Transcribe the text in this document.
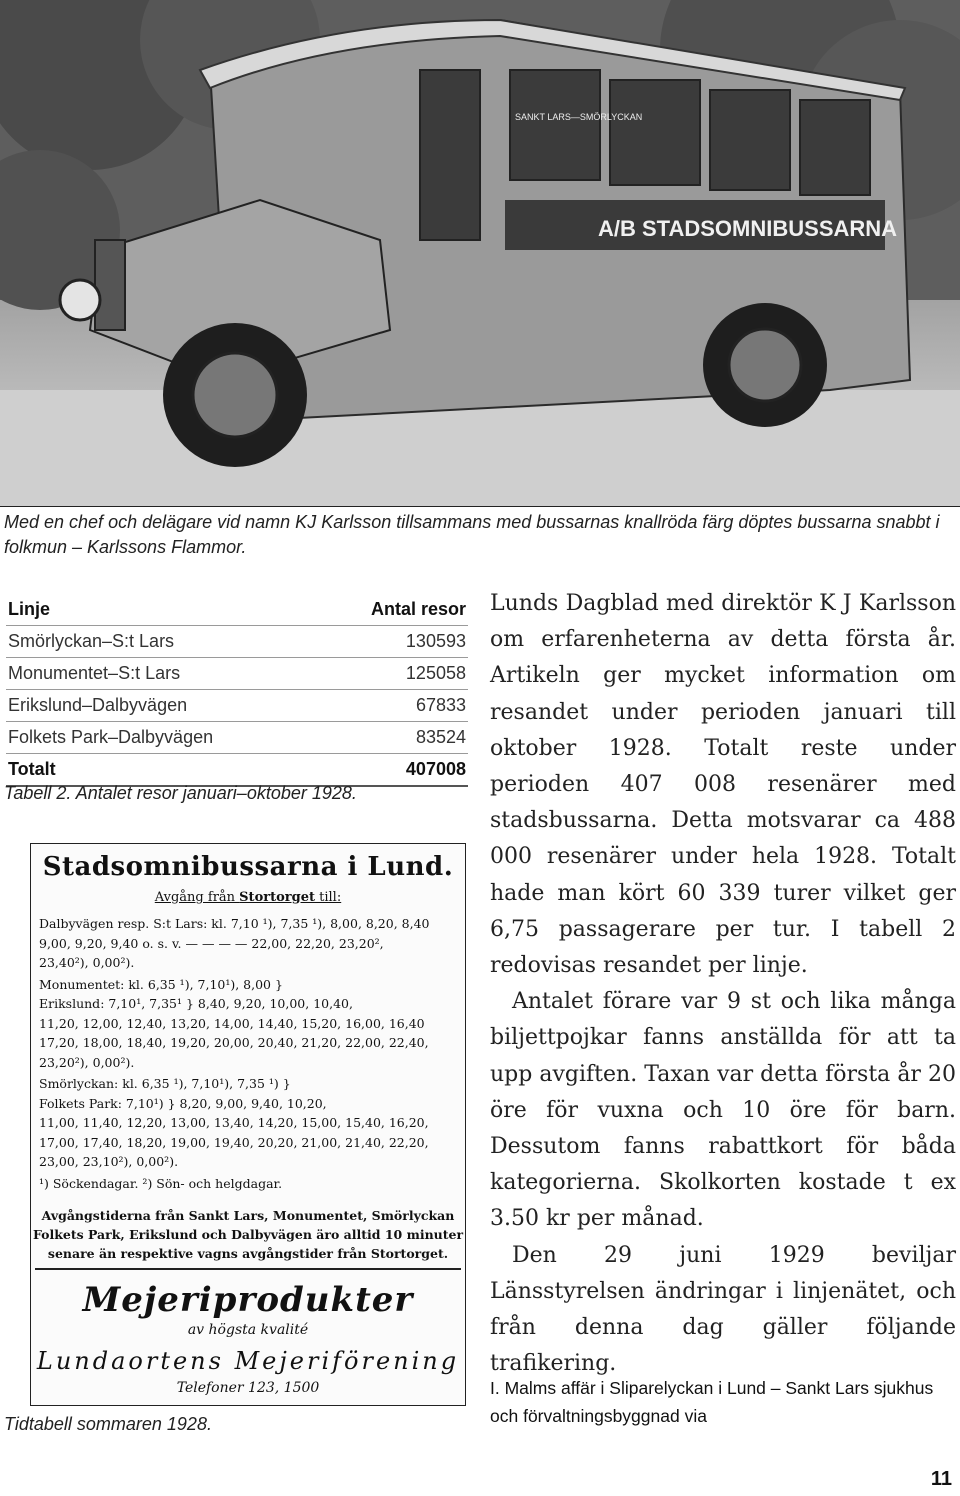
A/B STADSOMNIBUSSARNA
SANKT LARS—SMÖRLYCKAN
Med en chef och delägare vid namn KJ Karlsson tillsammans med bussarnas knallröda färg döptes bussarna snabbt i folkmun – Karlssons Flammor.
Linje	Antal resor
Smörlyckan–S:t Lars	130593
Monumentet–S:t Lars	125058
Erikslund–Dalbyvägen	67833
Folkets Park–Dalbyvägen	83524
Totalt	407008
Tabell 2. Antalet resor januari–oktober 1928.
Stadsomnibussarna i Lund.
Avgång från Stortorget till:
Dalbyvägen resp. S:t Lars: kl. 7,10 ¹), 7,35 ¹), 8,00, 8,20, 8,40
9,00, 9,20, 9,40 o. s. v. — — — — 22,00, 22,20, 23,20²,
23,40²), 0,00²).
Monumentet: kl. 6,35 ¹), 7,10¹), 8,00 }
Erikslund: 7,10¹, 7,35¹ } 8,40, 9,20, 10,00, 10,40,
11,20, 12,00, 12,40, 13,20, 14,00, 14,40, 15,20, 16,00, 16,40
17,20, 18,00, 18,40, 19,20, 20,00, 20,40, 21,20, 22,00, 22,40,
23,20²), 0,00²).
Smörlyckan: kl. 6,35 ¹), 7,10¹), 7,35 ¹) }
Folkets Park: 7,10¹) } 8,20, 9,00, 9,40, 10,20,
11,00, 11,40, 12,20, 13,00, 13,40, 14,20, 15,00, 15,40, 16,20,
17,00, 17,40, 18,20, 19,00, 19,40, 20,20, 21,00, 21,40, 22,20,
23,00, 23,10²), 0,00²).
¹) Söckendagar. ²) Sön- och helgdagar.
Avgångstiderna från Sankt Lars, Monumentet, Smörlyckan
Folkets Park, Erikslund och Dalbyvägen äro alltid 10 minuter
senare än respektive vagns avgångstider från Stortorget.
Mejeriprodukter
av högsta kvalité
Lundaortens Mejeriförening
Telefoner 123, 1500
Tidtabell sommaren 1928.

Lunds Dagblad med direktör K J Karlsson om erfarenheterna av detta första år. Artikeln ger mycket information om resandet under perioden januari till oktober 1928. Totalt reste under perioden 407 008 resenärer med stadsbussarna. Detta motsvarar ca 488 000 resenärer under hela 1928. Totalt hade man kört 60 339 turer vilket ger 6,75 passagerare per tur. I tabell 2 redovisas resandet per linje.

Antalet förare var 9 st och lika många biljettpojkar fanns anställda för att ta upp avgiften. Taxan var detta första år 20 öre för vuxna och 10 öre för barn. Dessutom fanns rabattkort för båda kategorierna. Skolkorten kostade t ex 3.50 kr per månad.

Den 29 juni 1929 beviljar Länsstyrelsen ändringar i linjenätet, och från denna dag gäller följande trafikering.

I. Malms affär i Sliparelyckan i Lund – Sankt Lars sjukhus och förvaltningsbyggnad via
11
